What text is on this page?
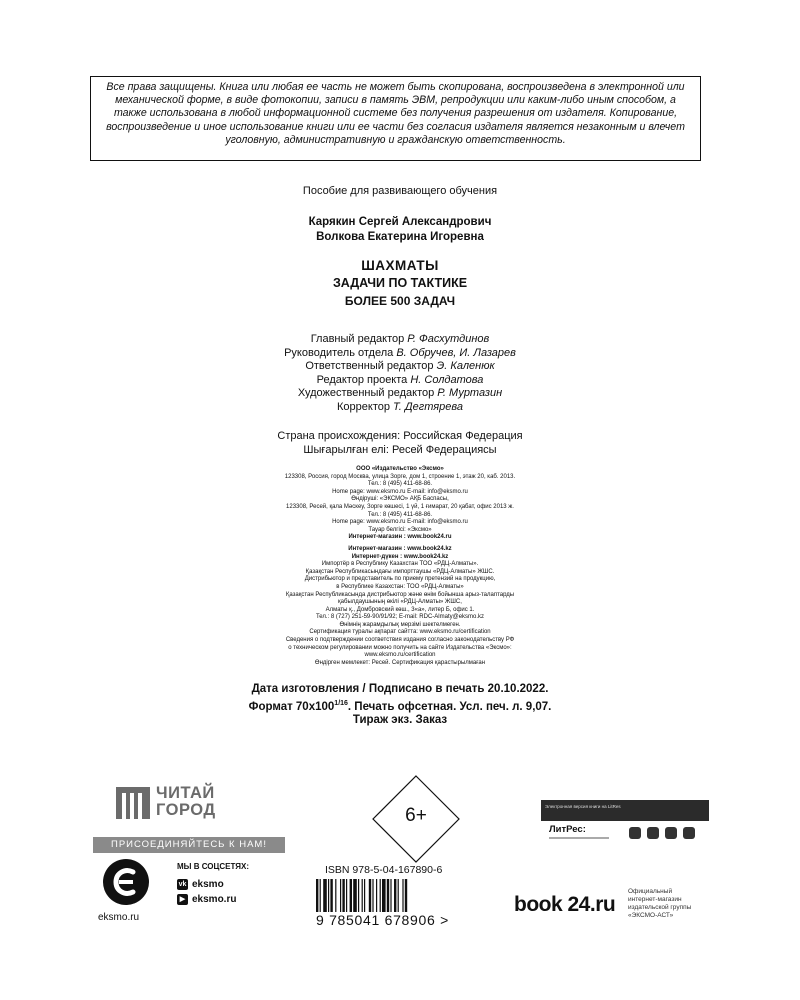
Все права защищены. Книга или любая ее часть не может быть скопирована, воспроизведена в электронной или механической форме, в виде фотокопии, записи в память ЭВМ, репродукции или каким-либо иным способом, а также использована в любой информационной системе без получения разрешения от издателя. Копирование, воспроизведение и иное использование книги или ее части без согласия издателя является незаконным и влечет уголовную, административную и гражданскую ответственность.
Пособие для развивающего обучения
Карякин Сергей Александрович
Волкова Екатерина Игоревна
ШАХМАТЫ
ЗАДАЧИ ПО ТАКТИКЕ
БОЛЕЕ 500 ЗАДАЧ
Главный редактор Р. Фасхутдинов
Руководитель отдела В. Обручев, И. Лазарев
Ответственный редактор Э. Каленюк
Редактор проекта Н. Солдатова
Художественный редактор Р. Муртазин
Корректор Т. Дегтярева
Страна происхождения: Российская Федерация
Шығарылған елі: Ресей Федерациясы
ООО «Издательство «Эксмо»
123308, Россия, город Москва, улица Зорге, дом 1, строение 1, этаж 20, каб. 2013.
Тел.: 8 (495) 411-68-86.
Home page: www.eksmo.ru E-mail: info@eksmo.ru
Өндіруші: «ЭКСМО» АҚБ Баспасы,
123308, Ресей, қала Мәскеу, Зорге көшесі, 1 үй, 1 ғимарат, 20 қабат, офис 2013 ж.
Тел.: 8 (495) 411-68-86.
Home page: www.eksmo.ru E-mail: info@eksmo.ru
Тауар белгісі: «Эксмо»
Интернет-магазин : www.book24.ru
Интернет-магазин : www.book24.kz
Интернет-дүкен : www.book24.kz
Импортёр в Республику Казахстан ТОО «РДЦ-Алматы».
Қазақстан Республикасындағы импорттаушы «РДЦ-Алматы» ЖШС.
Дистрибьютор и представитель по приему претензий на продукцию,
в Республике Казахстан: ТОО «РДЦ-Алматы»
Қазақстан Республикасында дистрибьютор және өнім бойынша арыз-талаптарды
қабылдаушының өкілі «РДЦ-Алматы» ЖШС,
Алматы қ., Домбровский көш., 3«а», литер Б, офис 1.
Тел.: 8 (727) 251-59-90/91/92; E-mail: RDC-Almaty@eksmo.kz
Өнімнің жарамдылық мерзімі шектелмеген.
Сертификация туралы ақпарат сайтта: www.eksmo.ru/certification
Сведения о подтверждении соответствия издания согласно законодательству РФ
о техническом регулировании можно получить на сайте Издательства «Эксмо»:
www.eksmo.ru/certification
Өндірген мемлекет: Ресей. Сертификация қарастырылмаған
Дата изготовления / Подписано в печать 20.10.2022.
Формат $70х100^{1/16}$. Печать офсетная. Усл. печ. л. 9,07.
Тираж экз. Заказ
ЧИТАЙ
ГОРОД
ПРИСОЕДИНЯЙТЕСЬ К НАМ!
eksmo.ru
МЫ В СОЦСЕТЯХ:
vk eksmo
▶ eksmo.ru
6+
ISBN 978-5-04-167890-6
9 785041 678906 >
Электронная версия книги на LitRes
ЛитРес:
book 24.ru
Официальный
интернет-магазин
издательской группы
«ЭКСМО-АСТ»
